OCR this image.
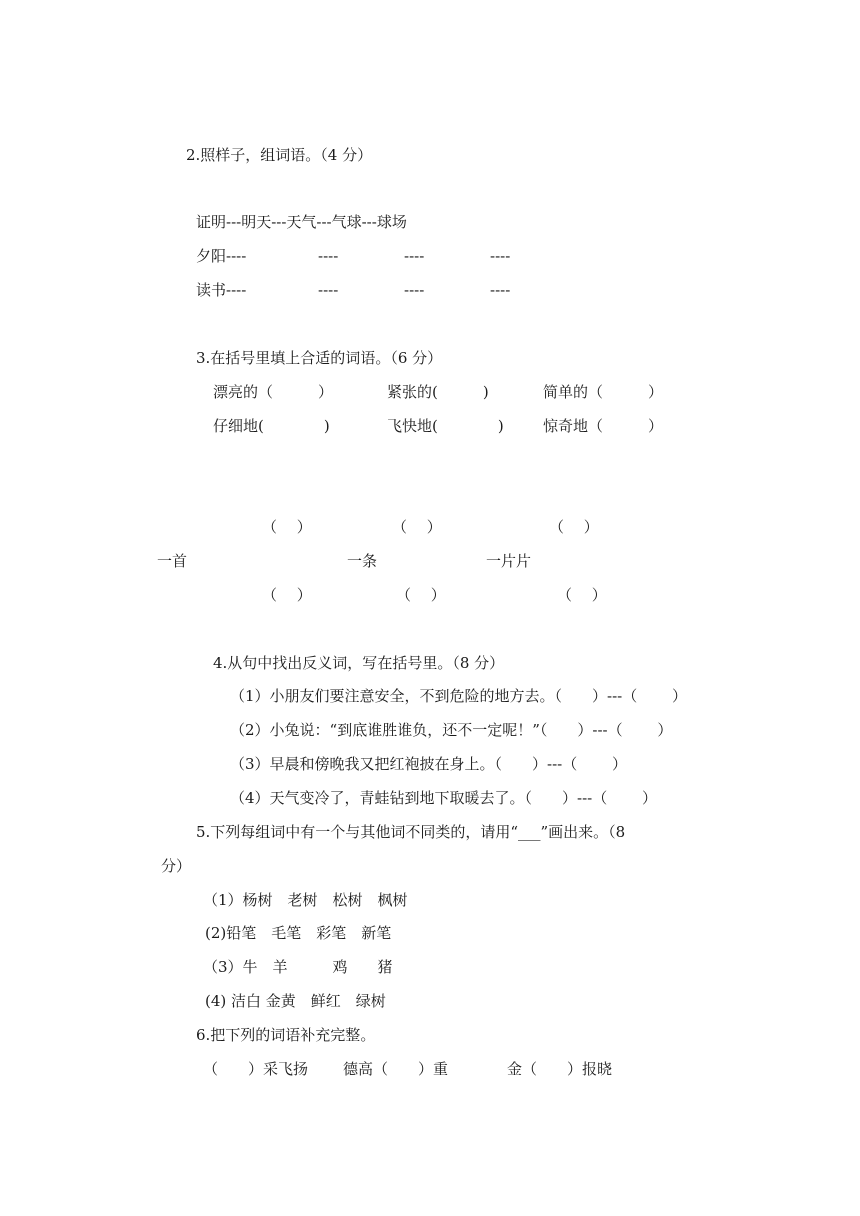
2.照样子，组词语。（4 分）
证明---明天---天气---气球---球场
夕阳----	----	----	----
读书----	----	----	----
3.在括号里填上合适的词语。（6 分）
漂亮的（　　　）	紧张的(　　　)	简单的（　　　）
仔细地(　　　　)	飞快地(　　　　)	惊奇地（　　　）
（　 ）	（　 ）	（　 ）
一首	一条	一片片
（　 ）	（　 ）	（　 ）
4.从句中找出反义词，写在括号里。（8 分）
（1）小朋友们要注意安全，不到危险的地方去。（　　）---（　　 ）
（2）小兔说：“到底谁胜谁负，还不一定呢！”（　　）---（　　 ）
（3）早晨和傍晚我又把红袍披在身上。（　　）---（　　 ）
（4）天气变冷了，青蛙钻到地下取暖去了。（　　）---（　　 ）
5.下列每组词中有一个与其他词不同类的，请用“___”画出来。（8
分）
（1）杨树　老树　松树　枫树
(2)铅笔　毛笔　彩笔　新笔
（3）牛　羊　　　鸡　　猪
(4) 洁白 金黄　鲜红　绿树
6.把下列的词语补充完整。
（　　）采飞扬 德高（　　）重	金（　　）报晓
